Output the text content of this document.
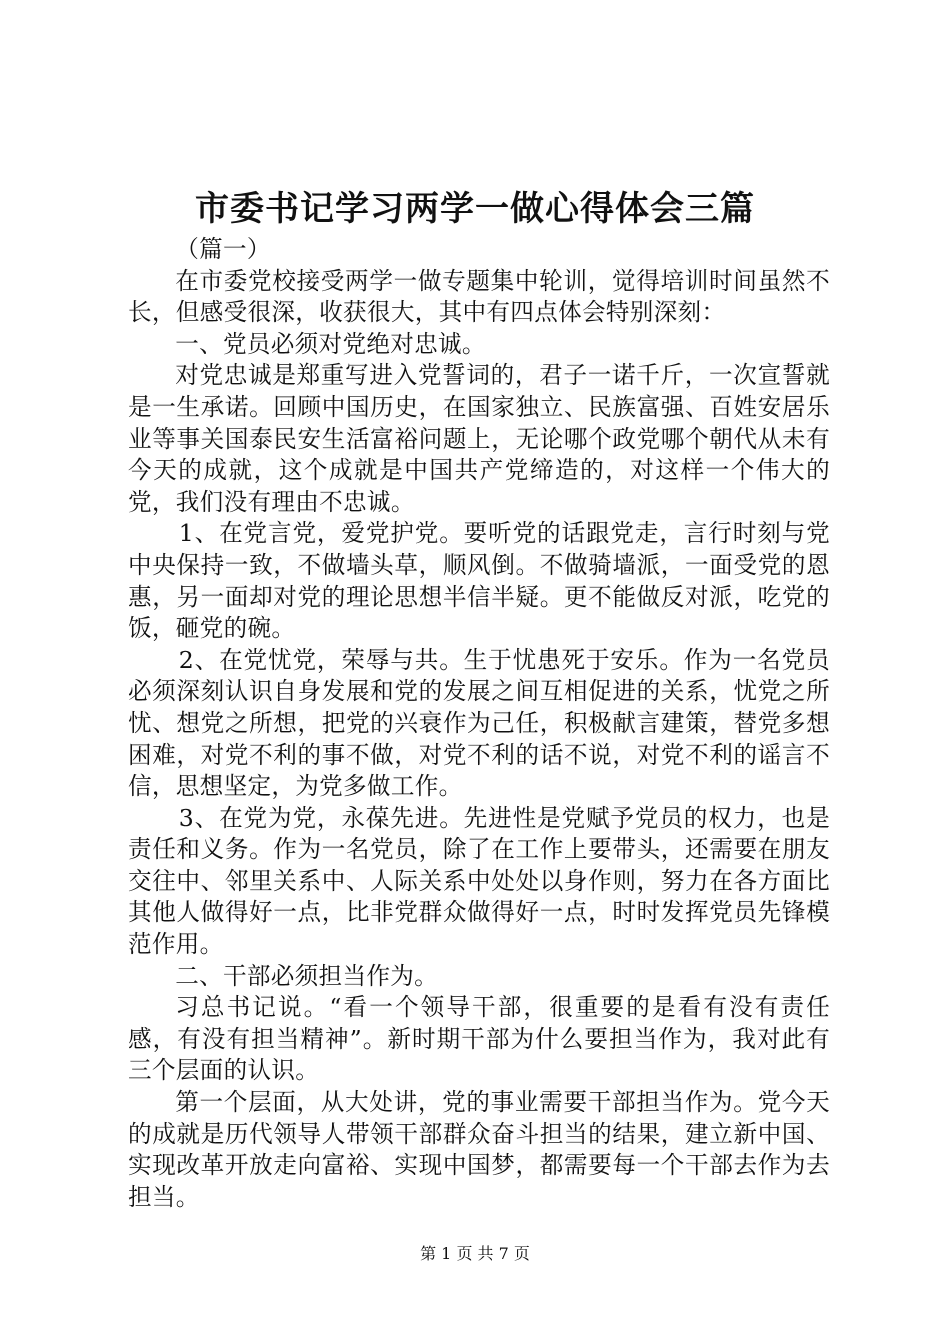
市委书记学习两学一做心得体会三篇

（篇一）

在市委党校接受两学一做专题集中轮训，觉得培训时间虽然不长，但感受很深，收获很大，其中有四点体会特别深刻：

一、党员必须对党绝对忠诚。

对党忠诚是郑重写进入党誓词的，君子一诺千斤，一次宣誓就是一生承诺。回顾中国历史，在国家独立、民族富强、百姓安居乐业等事关国泰民安生活富裕问题上，无论哪个政党哪个朝代从未有今天的成就，这个成就是中国共产党缔造的，对这样一个伟大的党，我们没有理由不忠诚。

1、在党言党，爱党护党。要听党的话跟党走，言行时刻与党中央保持一致，不做墙头草，顺风倒。不做骑墙派，一面受党的恩惠，另一面却对党的理论思想半信半疑。更不能做反对派，吃党的饭，砸党的碗。

2、在党忧党，荣辱与共。生于忧患死于安乐。作为一名党员必须深刻认识自身发展和党的发展之间互相促进的关系，忧党之所忧、想党之所想，把党的兴衰作为己任，积极献言建策，替党多想困难，对党不利的事不做，对党不利的话不说，对党不利的谣言不信，思想坚定，为党多做工作。

3、在党为党，永葆先进。先进性是党赋予党员的权力，也是责任和义务。作为一名党员，除了在工作上要带头，还需要在朋友交往中、邻里关系中、人际关系中处处以身作则，努力在各方面比其他人做得好一点，比非党群众做得好一点，时时发挥党员先锋模范作用。

二、干部必须担当作为。

习总书记说。“看一个领导干部，很重要的是看有没有责任感，有没有担当精神”。新时期干部为什么要担当作为，我对此有三个层面的认识。

第一个层面，从大处讲，党的事业需要干部担当作为。党今天的成就是历代领导人带领干部群众奋斗担当的结果，建立新中国、实现改革开放走向富裕、实现中国梦，都需要每一个干部去作为去担当。

第 1 页 共 7 页
